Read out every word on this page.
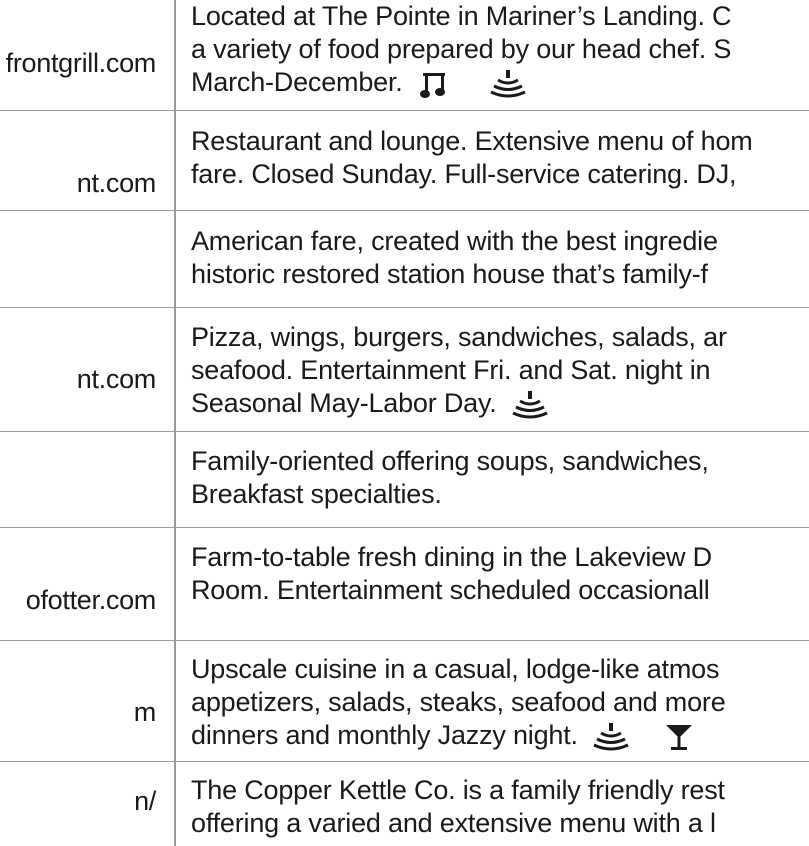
frontgrill.com
Located at The Pointe in Mariner’s Landing. C
a variety of food prepared by our head chef. S
March-December.
nt.com
Restaurant and lounge. Extensive menu of hom
fare. Closed Sunday. Full-service catering. DJ,
American fare, created with the best ingredie
historic restored station house that’s family-f
nt.com
Pizza, wings, burgers, sandwiches, salads, ar
seafood. Entertainment Fri. and Sat. night in
Seasonal May-Labor Day.
Family-oriented offering soups, sandwiches,
Breakfast specialties.
ofotter.com
Farm-to-table fresh dining in the Lakeview D
Room. Entertainment scheduled occasionall
m
Upscale cuisine in a casual, lodge-like atmos
appetizers, salads, steaks, seafood and more
dinners and monthly Jazzy night.
n/ The Copper Kettle Co. is a family friendly rest
offering a varied and extensive menu with a l
